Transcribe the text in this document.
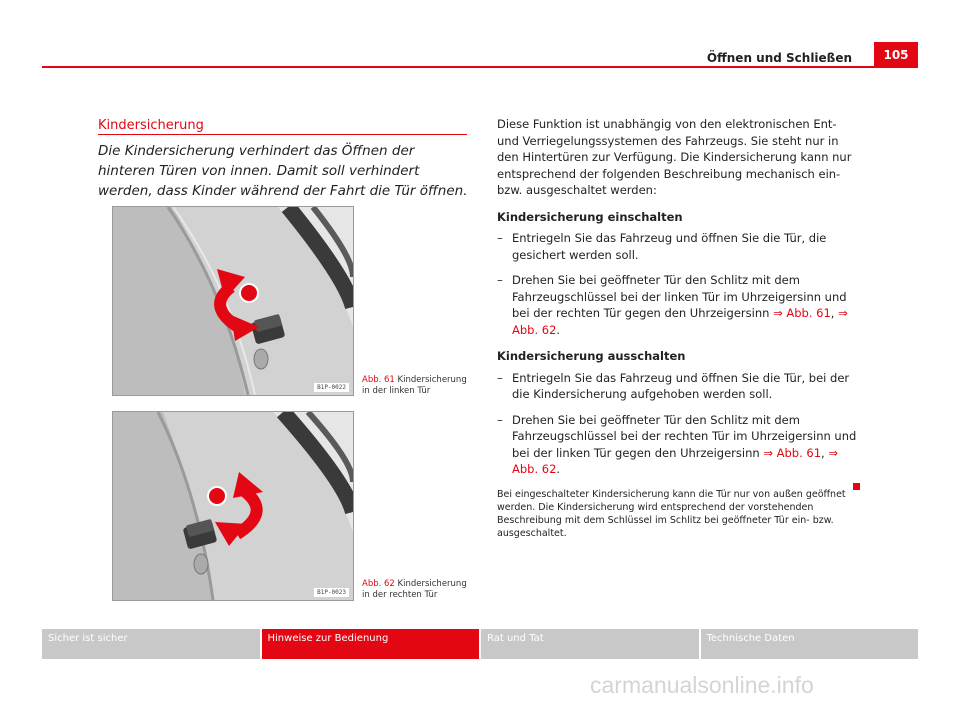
Öffnen und Schließen	105
Kindersicherung
Die Kindersicherung verhindert das Öffnen der hinteren Türen von innen. Damit soll verhindert werden, dass Kinder während der Fahrt die Tür öffnen.
B1P-0022
Abb. 61 Kindersicherung in der linken Tür
B1P-0023
Abb. 62 Kindersicherung in der rechten Tür

Diese Funktion ist unabhängig von den elektronischen Ent- und Verriegelungssystemen des Fahrzeugs. Sie steht nur in den Hintertüren zur Verfügung. Die Kindersicherung kann nur entsprechend der folgenden Beschreibung mechanisch ein- bzw. ausgeschaltet werden:

Kindersicherung einschalten

– Entriegeln Sie das Fahrzeug und öffnen Sie die Tür, die gesichert werden soll.
– Drehen Sie bei geöffneter Tür den Schlitz mit dem Fahrzeugschlüssel bei der linken Tür im Uhrzeigersinn und bei der rechten Tür gegen den Uhrzeigersinn ⇒ Abb. 61, ⇒ Abb. 62.

Kindersicherung ausschalten

– Entriegeln Sie das Fahrzeug und öffnen Sie die Tür, bei der die Kindersicherung aufgehoben werden soll.
– Drehen Sie bei geöffneter Tür den Schlitz mit dem Fahrzeugschlüssel bei der rechten Tür im Uhrzeigersinn und bei der linken Tür gegen den Uhrzeigersinn ⇒ Abb. 61, ⇒ Abb. 62.

Bei eingeschalteter Kindersicherung kann die Tür nur von außen geöffnet werden. Die Kindersicherung wird entsprechend der vorstehenden Beschreibung mit dem Schlüssel im Schlitz bei geöffneter Tür ein- bzw. ausgeschaltet.

Sicher ist sicher	Hinweise zur Bedienung	Rat und Tat	Technische Daten
carmanualsonline.info
